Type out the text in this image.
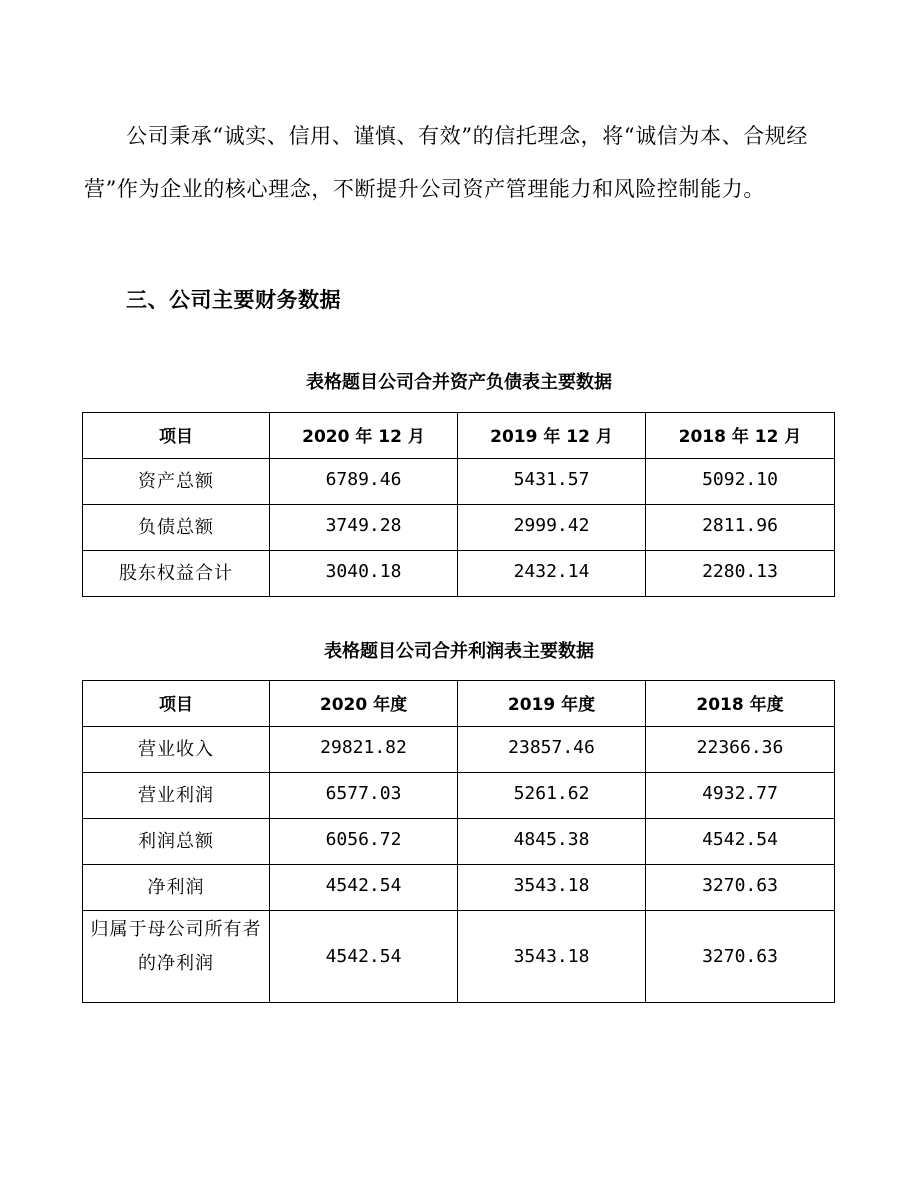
公司秉承“诚实、信用、谨慎、有效”的信托理念，将“诚信为本、合规经营”作为企业的核心理念，不断提升公司资产管理能力和风险控制能力。

三、公司主要财务数据

表格题目公司合并资产负债表主要数据

项目	2020 年 12 月	2019 年 12 月	2018 年 12 月

资产总额	6789.46	5431.57	5092.10

负债总额	3749.28	2999.42	2811.96

股东权益合计	3040.18	2432.14	2280.13

表格题目公司合并利润表主要数据

项目	2020 年度	2019 年度	2018 年度

营业收入	29821.82	23857.46	22366.36

营业利润	6577.03	5261.62	4932.77

利润总额	6056.72	4845.38	4542.54

净利润	4542.54	3543.18	3270.63

归属于母公司所有者的净利润	4542.54	3543.18	3270.63
